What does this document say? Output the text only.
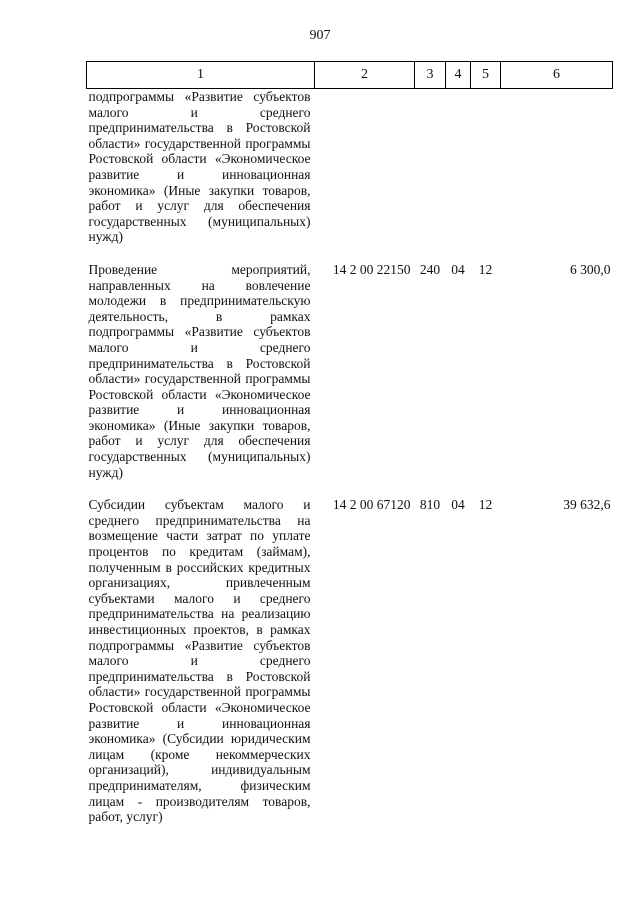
907
1	2	3	4	5	6
подпрограммы «Развитие субъектов малого и среднего предпринимательства в Ростовской области» государственной программы Ростовской области «Экономическое развитие и инновационная экономика» (Иные закупки товаров, работ и услуг для обеспечения государственных (муниципальных) нужд)					

Проведение мероприятий, направленных на вовлечение молодежи в предпринимательскую деятельность, в рамках подпрограммы «Развитие субъектов малого и среднего предпринимательства в Ростовской области» государственной программы Ростовской области «Экономическое развитие и инновационная экономика» (Иные закупки товаров, работ и услуг для обеспечения государственных (муниципальных) нужд)	14 2 00 22150	240	04	12	6 300,0

Субсидии субъектам малого и среднего предпринимательства на возмещение части затрат по уплате процентов по кредитам (займам), полученным в российских кредитных организациях, привлеченным субъектами малого и среднего предпринимательства на реализацию инвестиционных проектов, в рамках подпрограммы «Развитие субъектов малого и среднего предпринимательства в Ростовской области» государственной программы Ростовской области «Экономическое развитие и инновационная экономика» (Субсидии юридическим лицам (кроме некоммерческих организаций), индивидуальным предпринимателям, физическим лицам - производителям товаров, работ, услуг)	14 2 00 67120	810	04	12	39 632,6
